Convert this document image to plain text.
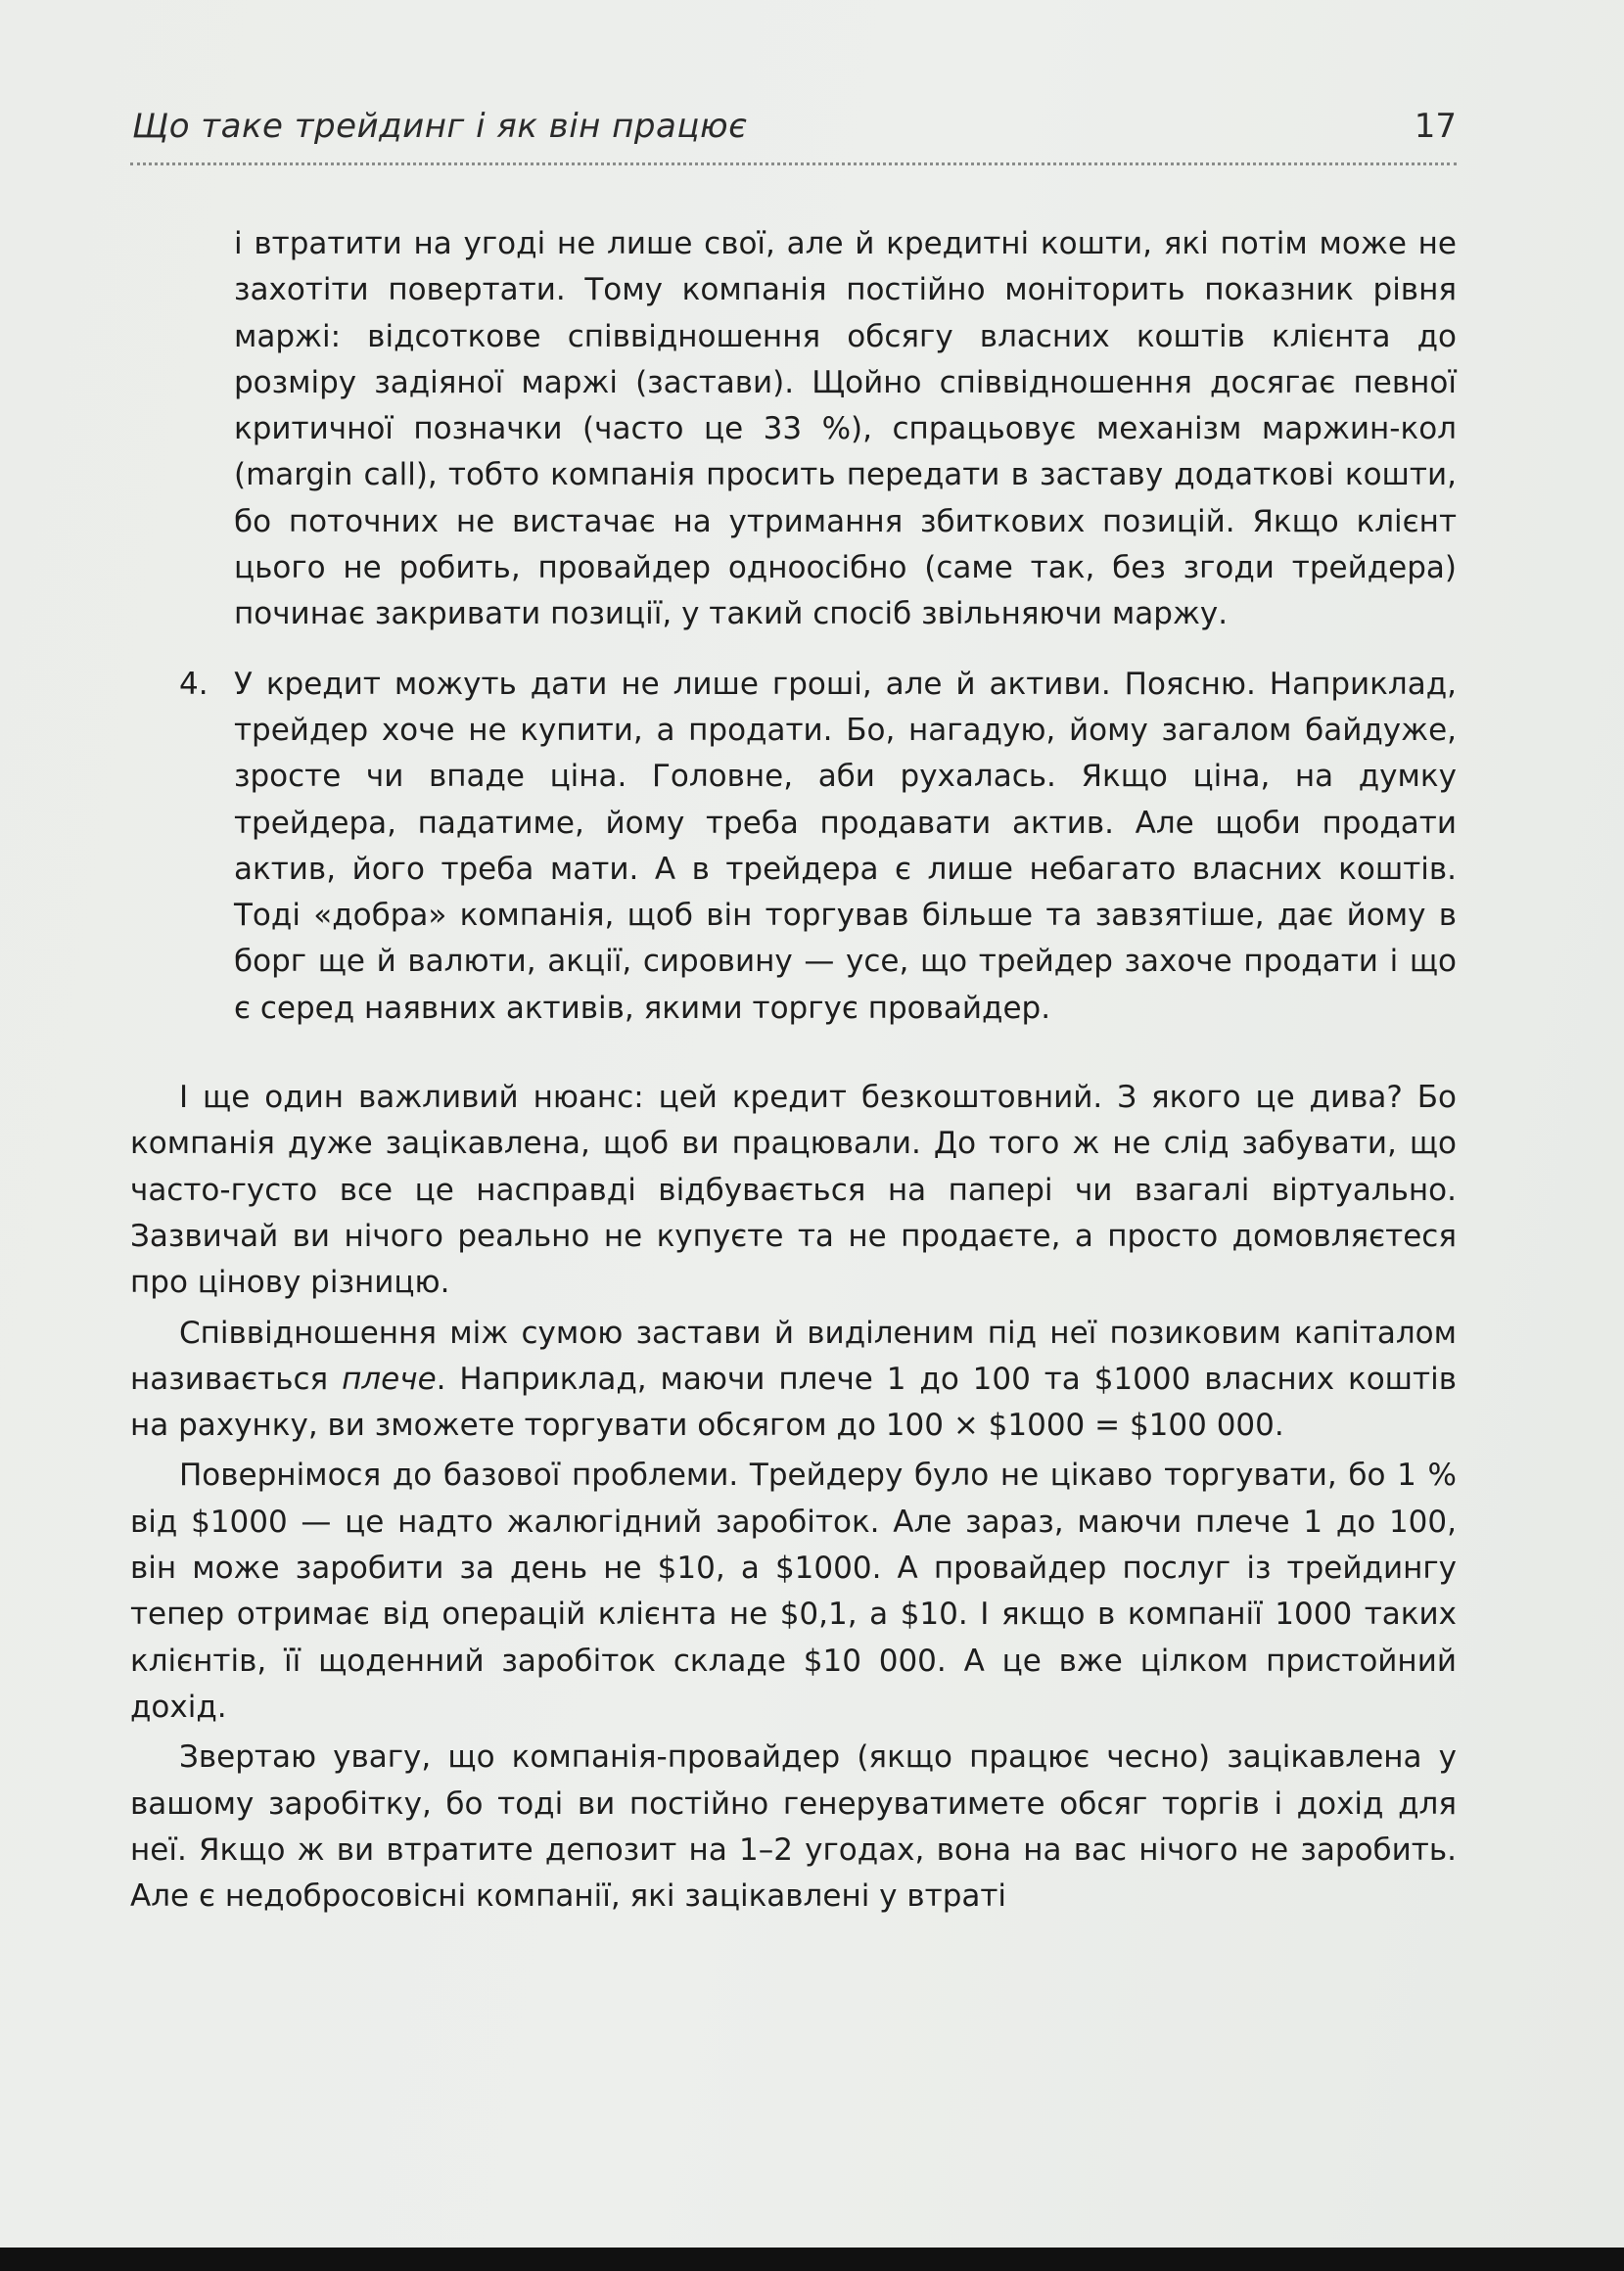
Що таке трейдинг і як він працює	17
і втратити на угоді не лише свої, але й кредитні кошти, які потім може не захотіти повертати. Тому компанія постійно моніторить показник рівня маржі: відсоткове співвідношення обсягу власних коштів клієнта до розміру задіяної маржі (застави). Щойно співвідношення досягає певної критичної позначки (часто це 33 %), спрацьовує механізм маржин-кол (margin call), тобто компанія просить передати в заставу додаткові кошти, бо поточних не вистачає на утримання збиткових позицій. Якщо клієнт цього не робить, провайдер одноосібно (саме так, без згоди трейдера) починає закривати позиції, у такий спосіб звільняючи маржу.
4. У кредит можуть дати не лише гроші, але й активи. Поясню. Наприклад, трейдер хоче не купити, а продати. Бо, нагадую, йому загалом байдуже, зросте чи впаде ціна. Головне, аби рухалась. Якщо ціна, на думку трейдера, падатиме, йому треба продавати актив. Але щоби продати актив, його треба мати. А в трейдера є лише небагато власних коштів. Тоді «добра» компанія, щоб він торгував більше та завзятіше, дає йому в борг ще й валюти, акції, сировину — усе, що трейдер захоче продати і що є серед наявних активів, якими торгує провайдер.

І ще один важливий нюанс: цей кредит безкоштовний. З якого це дива? Бо компанія дуже зацікавлена, щоб ви працювали. До того ж не слід забувати, що часто-густо все це насправді відбувається на папері чи взагалі віртуально. Зазвичай ви нічого реально не купуєте та не продаєте, а просто домовляєтеся про цінову різницю.

Співвідношення між сумою застави й виділеним під неї позиковим капіталом називається плече. Наприклад, маючи плече 1 до 100 та $1000 власних коштів на рахунку, ви зможете торгувати обсягом до 100 × $1000 = $100 000.

Повернімося до базової проблеми. Трейдеру було не цікаво торгувати, бо 1 % від $1000 — це надто жалюгідний заробіток. Але зараз, маючи плече 1 до 100, він може заробити за день не $10, а $1000. А провайдер послуг із трейдингу тепер отримає від операцій клієнта не $0,1, а $10. І якщо в компанії 1000 таких клієнтів, її щоденний заробіток складе $10 000. А це вже цілком пристойний дохід.

Звертаю увагу, що компанія-провайдер (якщо працює чесно) зацікавлена у вашому заробітку, бо тоді ви постійно генеруватимете обсяг торгів і дохід для неї. Якщо ж ви втратите депозит на 1–2 угодах, вона на вас нічого не заробить. Але є недобросовісні компанії, які зацікавлені у втраті
